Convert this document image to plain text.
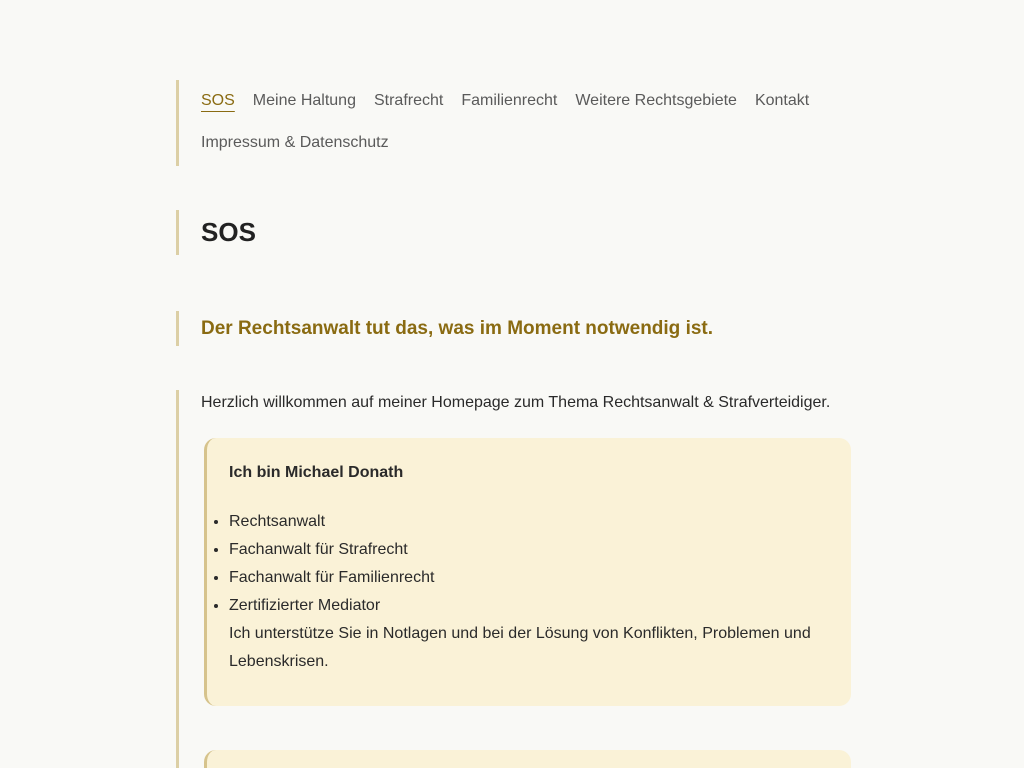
SOS Meine Haltung Strafrecht Familienrecht Weitere Rechtsgebiete Kontakt
Impressum & Datenschutz
SOS
Der Rechtsanwalt tut das, was im Moment notwendig ist.

Herzlich willkommen auf meiner Homepage zum Thema Rechtsanwalt & Strafverteidiger.

Ich bin Michael Donath
• Rechtsanwalt
• Fachanwalt für Strafrecht
• Fachanwalt für Familienrecht
• Zertifizierter Mediator

Ich unterstütze Sie in Notlagen und bei der Lösung von Konflikten, Problemen und Lebenskrisen.
